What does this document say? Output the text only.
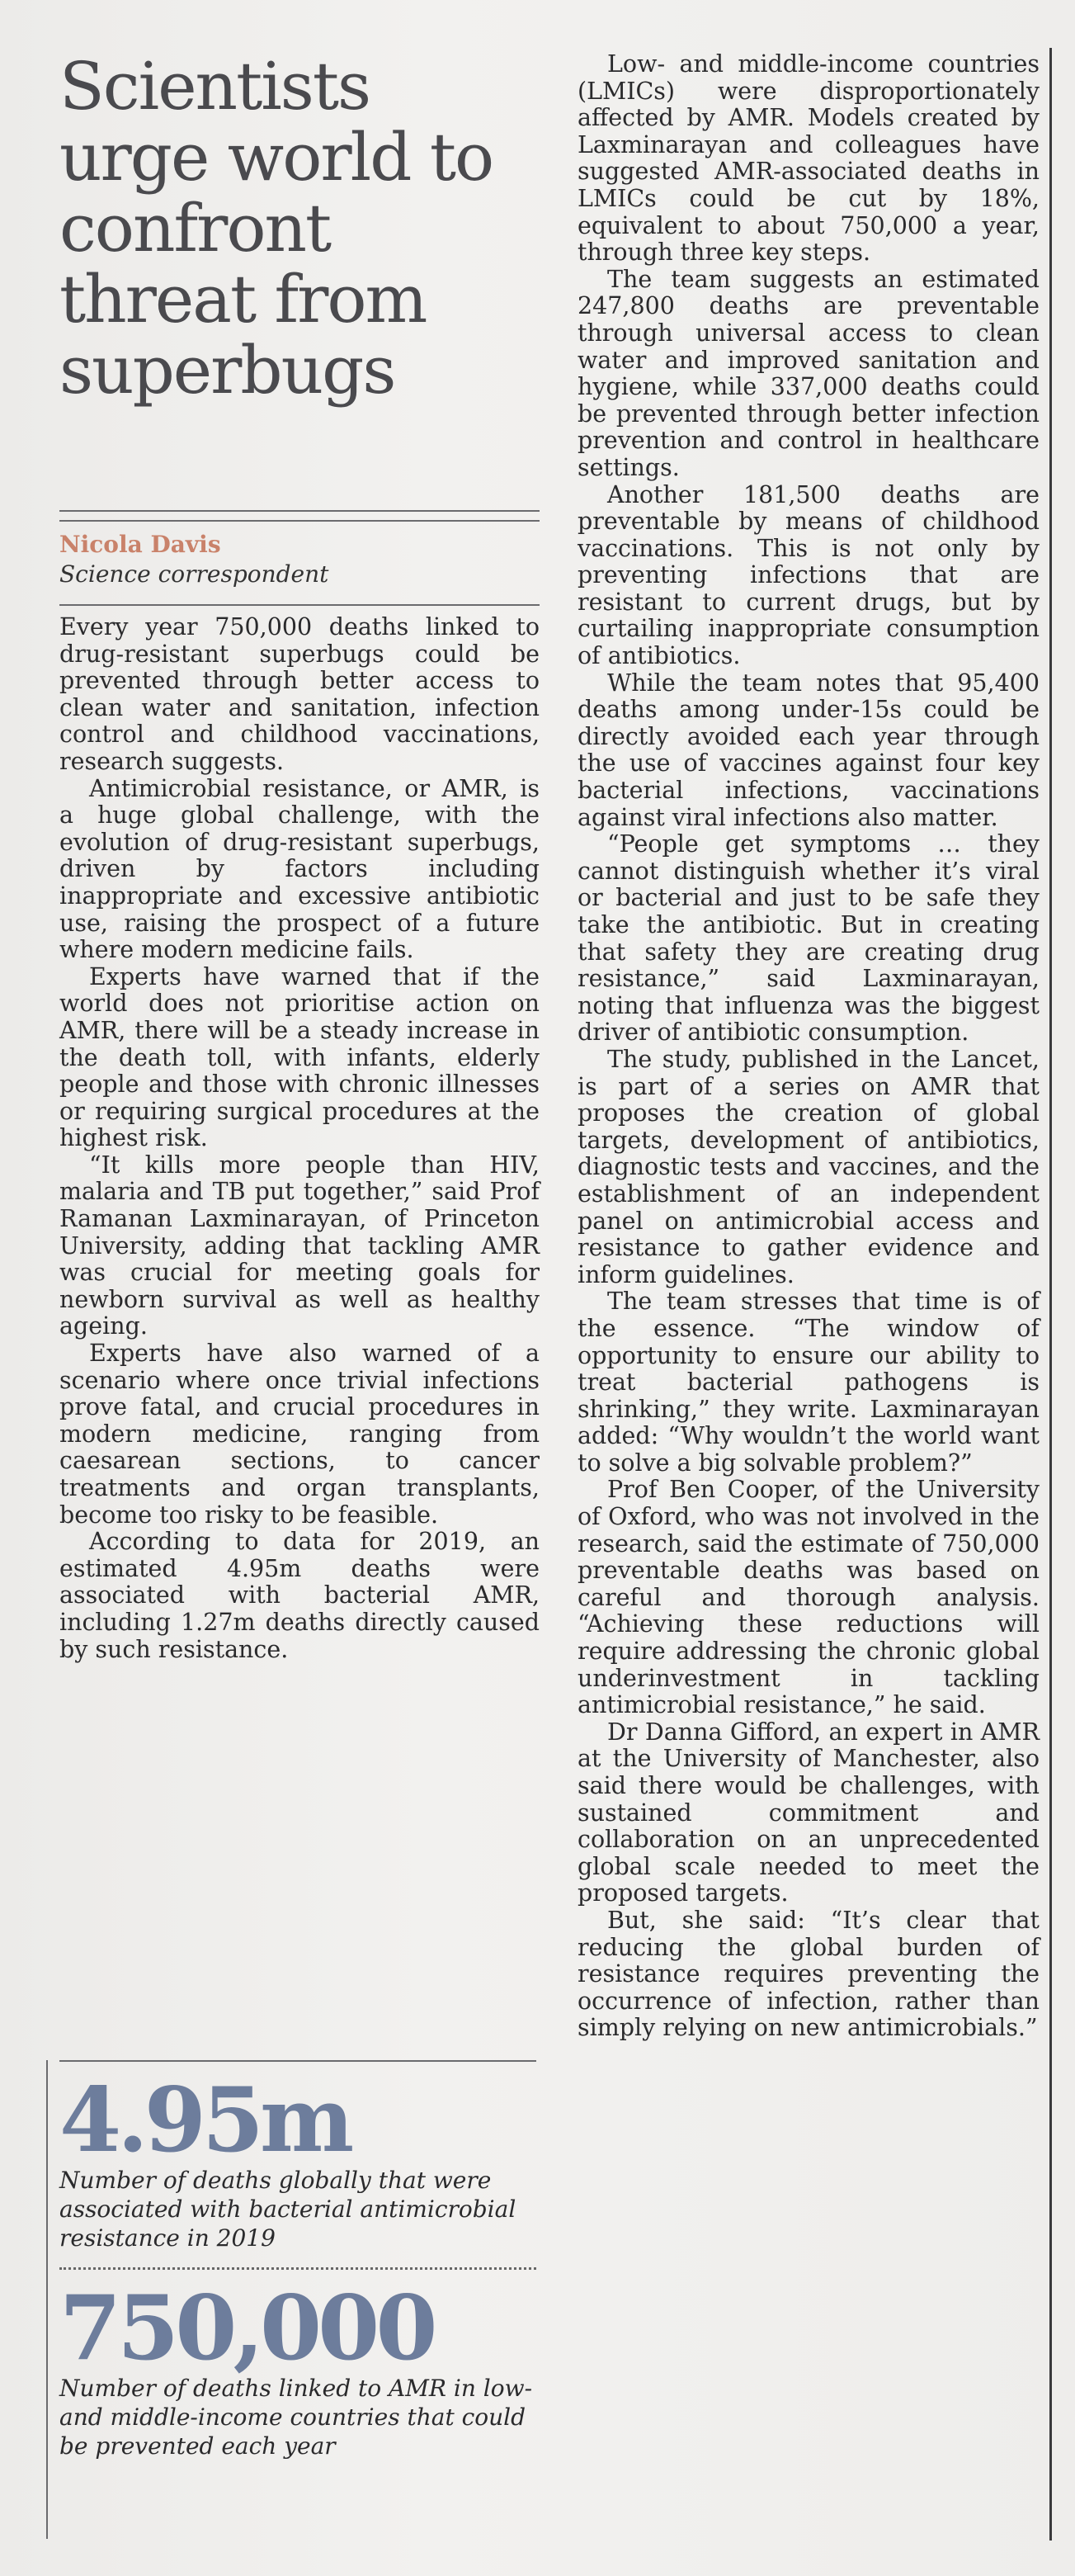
Scientists urge world to confront threat from superbugs
Nicola Davis
Science correspondent

Every year 750,000 deaths linked to drug-resistant superbugs could be prevented through better access to clean water and sanitation, infection control and childhood vaccinations, research suggests.

Antimicrobial resistance, or AMR, is a huge global challenge, with the evolution of drug-resistant superbugs, driven by factors including inappropriate and excessive antibiotic use, raising the prospect of a future where modern medicine fails.

Experts have warned that if the world does not prioritise action on AMR, there will be a steady increase in the death toll, with infants, elderly people and those with chronic illnesses or requiring surgical procedures at the highest risk.

“It kills more people than HIV, malaria and TB put together,” said Prof Ramanan Laxminarayan, of Princeton University, adding that tackling AMR was crucial for meeting goals for newborn survival as well as healthy ageing.

Experts have also warned of a scenario where once trivial infections prove fatal, and crucial procedures in modern medicine, ranging from caesarean sections, to cancer treatments and organ transplants, become too risky to be feasible.

According to data for 2019, an estimated 4.95m deaths were associated with bacterial AMR, including 1.27m deaths directly caused by such resistance.

4.95m
Number of deaths globally that were associated with bacterial antimicrobial resistance in 2019
750,000
Number of deaths linked to AMR in low- and middle-income countries that could be prevented each year

Low- and middle-income countries (LMICs) were disproportionately affected by AMR. Models created by Laxminarayan and colleagues have suggested AMR-associated deaths in LMICs could be cut by 18%, equivalent to about 750,000 a year, through three key steps.

The team suggests an estimated 247,800 deaths are preventable through universal access to clean water and improved sanitation and hygiene, while 337,000 deaths could be prevented through better infection prevention and control in healthcare settings.

Another 181,500 deaths are preventable by means of childhood vaccinations. This is not only by preventing infections that are resistant to current drugs, but by curtailing inappropriate consumption of antibiotics.

While the team notes that 95,400 deaths among under-15s could be directly avoided each year through the use of vaccines against four key bacterial infections, vaccinations against viral infections also matter.

“People get symptoms … they cannot distinguish whether it’s viral or bacterial and just to be safe they take the antibiotic. But in creating that safety they are creating drug resistance,” said Laxminarayan, noting that influenza was the biggest driver of antibiotic consumption.

The study, published in the Lancet, is part of a series on AMR that proposes the creation of global targets, development of antibiotics, diagnostic tests and vaccines, and the establishment of an independent panel on antimicrobial access and resistance to gather evidence and inform guidelines.

The team stresses that time is of the essence. “The window of opportunity to ensure our ability to treat bacterial pathogens is shrinking,” they write. Laxminarayan added: “Why wouldn’t the world want to solve a big solvable problem?”

Prof Ben Cooper, of the University of Oxford, who was not involved in the research, said the estimate of 750,000 preventable deaths was based on careful and thorough analysis. “Achieving these reductions will require addressing the chronic global underinvestment in tackling antimicrobial resistance,” he said.

Dr Danna Gifford, an expert in AMR at the University of Manchester, also said there would be challenges, with sustained commitment and collaboration on an unprecedented global scale needed to meet the proposed targets.

But, she said: “It’s clear that reducing the global burden of resistance requires preventing the occurrence of infection, rather than simply relying on new antimicrobials.”
